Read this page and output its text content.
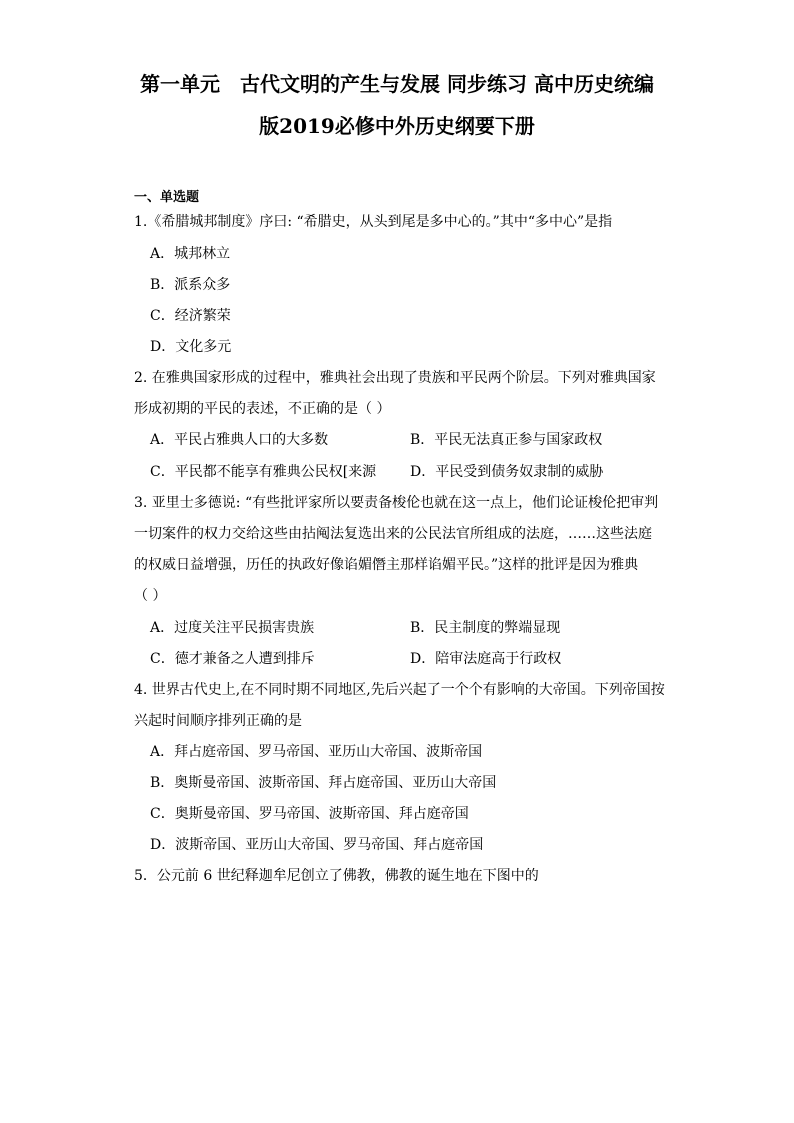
第一单元　古代文明的产生与发展 同步练习 高中历史统编
版2019必修中外历史纲要下册
一、单选题
1.《希腊城邦制度》序曰: “希腊史，从头到尾是多中心的。”其中“多中心”是指
A．城邦林立
B．派系众多
C．经济繁荣
D．文化多元
2. 在雅典国家形成的过程中，雅典社会出现了贵族和平民两个阶层。下列对雅典国家
形成初期的平民的表述，不正确的是（ ）
A．平民占雅典人口的大多数	B．平民无法真正参与国家政权
C．平民都不能享有雅典公民权[来源 D．平民受到债务奴隶制的威胁
3. 亚里士多德说: “有些批评家所以要责备梭伦也就在这一点上，他们论证梭伦把审判
一切案件的权力交给这些由拈阄法复选出来的公民法官所组成的法庭，……这些法庭
的权威日益增强，历任的执政好像谄媚僭主那样谄媚平民。”这样的批评是因为雅典
（ ）
A．过度关注平民损害贵族	B．民主制度的弊端显现
C．德才兼备之人遭到排斥	D．陪审法庭高于行政权
4. 世界古代史上,在不同时期不同地区,先后兴起了一个个有影响的大帝国。下列帝国按
兴起时间顺序排列正确的是
A．拜占庭帝国、罗马帝国、亚历山大帝国、波斯帝国
B．奥斯曼帝国、波斯帝国、拜占庭帝国、亚历山大帝国
C．奥斯曼帝国、罗马帝国、波斯帝国、拜占庭帝国
D．波斯帝国、亚历山大帝国、罗马帝国、拜占庭帝国
5．公元前 6 世纪释迦牟尼创立了佛教，佛教的诞生地在下图中的
